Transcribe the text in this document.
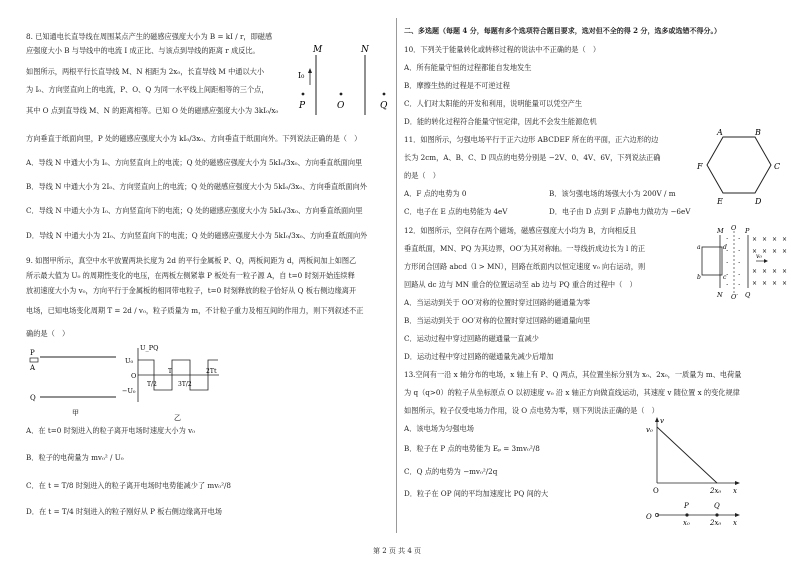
8. 已知通电长直导线在周围某点产生的磁感应强度大小为 B = kI / r，即磁感
应强度大小 B 与导线中的电流 I 成正比、与该点到导线的距离 r 成反比。
如图所示，两根平行长直导线 M、N 相距为 2x₀，长直导线 M 中通以大小
为 I₀、方向竖直向上的电流，P、O、Q 为同一水平线上间距相等的三个点，
其中 O 点到直导线 M、N 的距离相等。已知 O 处的磁感应强度大小为 3kI₀/x₀
方向垂直于纸面向里，P 处的磁感应强度大小为 kI₀/3x₀、方向垂直于纸面向外。下列说法正确的是（　）
A．导线 N 中通大小为 I₀、方向竖直向上的电流；Q 处的磁感应强度大小为 5kI₀/3x₀、方向垂直纸面向里
B．导线 N 中通大小为 2I₀、方向竖直向上的电流；Q 处的磁感应强度大小为 5kI₀/3x₀、方向垂直纸面向外
C．导线 N 中通大小为 I₀、方向竖直向下的电流；Q 处的磁感应强度大小为 5kI₀/3x₀、方向垂直纸面向里
D．导线 N 中通大小为 2I₀、方向竖直向下的电流；Q 处的磁感应强度大小为 5kI₀/3x₀、方向垂直纸面向外
9. 如图甲所示，真空中水平放置两块长度为 2d 的平行金属板 P、Q，两板间距为 d，两板间加上如图乙
所示最大值为 U₀ 的周期性变化的电压，在两板左侧紧靠 P 板处有一粒子源 A，自 t=0 时刻开始连续释
放初速度大小为 v₀，方向平行于金属板的相同带电粒子，t=0 时刻释放的粒子恰好从 Q 板右侧边缘离开
电场，已知电场变化周期 T = 2d / v₀，粒子质量为 m，不计粒子重力及相互间的作用力，则下列叙述不正
确的是（　）
A．在 t=0 时刻进入的粒子离开电场时速度大小为 v₀
B．粒子的电荷量为 mv₀² / U₀
C．在 t = T/8 时刻进入的粒子离开电场时电势能减少了 mv₀²/8
D．在 t = T/4 时刻进入的粒子刚好从 P 板右侧边缘离开电场
M	N
I₀
P	O	Q
P
A
Q
甲
U_PQ
U₀
−U₀
O
t
T/2
T
3T/2
2T
乙
二、多选题（每题 4 分，每题有多个选项符合题目要求，选对但不全的得 2 分，选多或选错不得分。）
10．下列关于能量转化或转移过程的说法中不正确的是（　）
A．所有能量守恒的过程都能自发地发生
B．摩擦生热的过程是不可逆过程
C．人们对太阳能的开发和利用，说明能量可以凭空产生
D．能的转化过程符合能量守恒定律，因此不会发生能源危机
11．如图所示，匀强电场平行于正六边形 ABCDEF 所在的平面，正六边形的边
长为 2cm，A、B、C、D 四点的电势分别是 −2V、0、4V、6V，下列说法正确
的是（　）
A．F 点的电势为 0	B．该匀强电场的场强大小为 200V / m
C．电子在 E 点的电势能为 4eV	D．电子由 D 点到 F 点静电力做功为 −6eV
12．如图所示，空间存在两个磁场，磁感应强度大小均为 B，方向相反且
垂直纸面，MN、PQ 为其边界，OO′为其对称轴。一导线折成边长为 l 的正
方形闭合回路 abcd（l > MN），回路在纸面内以恒定速度 v₀ 向右运动，则
回路从 dc 边与 MN 重合的位置运动至 ab 边与 PQ 重合的过程中（　）
A．当运动到关于 OO′对称的位置时穿过回路的磁通量为零
B．当运动到关于 OO′对称的位置时穿过回路的磁通量向里
C．运动过程中穿过回路的磁通量一直减少
D．运动过程中穿过回路的磁通量先减少后增加
13.空间有一沿 x 轴分布的电场，x 轴上有 P、Q 两点，其位置坐标分别为 x₀、2x₀，一质量为 m、电荷量
为 q（q>0）的粒子从坐标原点 O 以初速度 v₀ 沿 x 轴正方向做直线运动，其速度 v 随位置 x 的变化规律
如图所示，粒子仅受电场力作用，设 O 点电势为零，则下列说法正确的是（　）
A．该电场为匀强电场
B．粒子在 P 点的电势能为 Eₚ = 3mv₀²/8
C．Q 点的电势为 −mv₀²/2q
D．粒子在 OP 间的平均加速度比 PQ 间的大
A	B
C
D
E
F
·
·
·
·
·
·
·
·
·
·
×
×
×
×
×
×
×
×
×
×
×
×
×
×
×
×
M O P
N O′ Q
a
b	c
d
v₀
v
v₀
O	2x₀ x
O
P	Q
x₀	2x₀ x
第 2 页 共 4 页
